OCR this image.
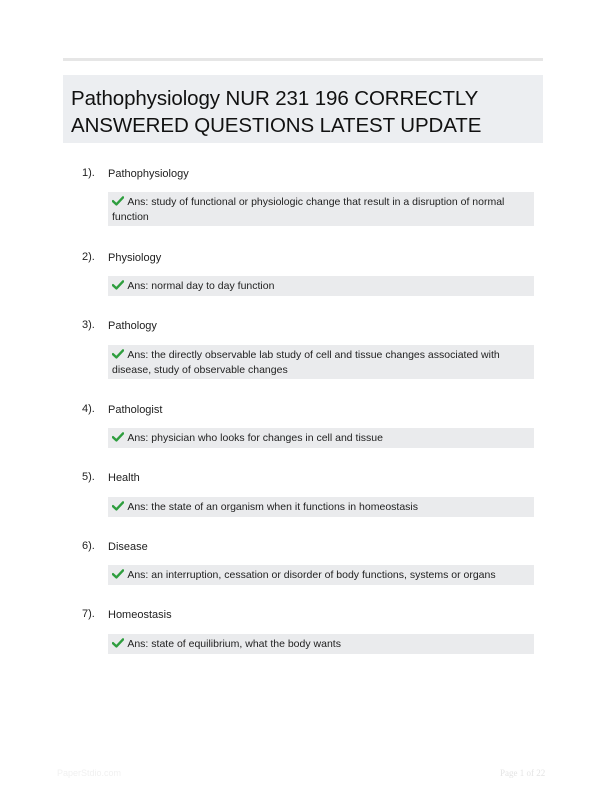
Pathophysiology NUR 231 196 CORRECTLY
ANSWERED QUESTIONS LATEST UPDATE
1). Pathophysiology
Ans: study of functional or physiologic change that result in a disruption of normal function
2). Physiology
Ans: normal day to day function
3). Pathology
Ans: the directly observable lab study of cell and tissue changes associated with disease, study of observable changes
4). Pathologist
Ans: physician who looks for changes in cell and tissue
5). Health
Ans: the state of an organism when it functions in homeostasis
6). Disease
Ans: an interruption, cessation or disorder of body functions, systems or organs
7). Homeostasis
Ans: state of equilibrium, what the body wants
PaperStdio.com	Page 1 of 22
